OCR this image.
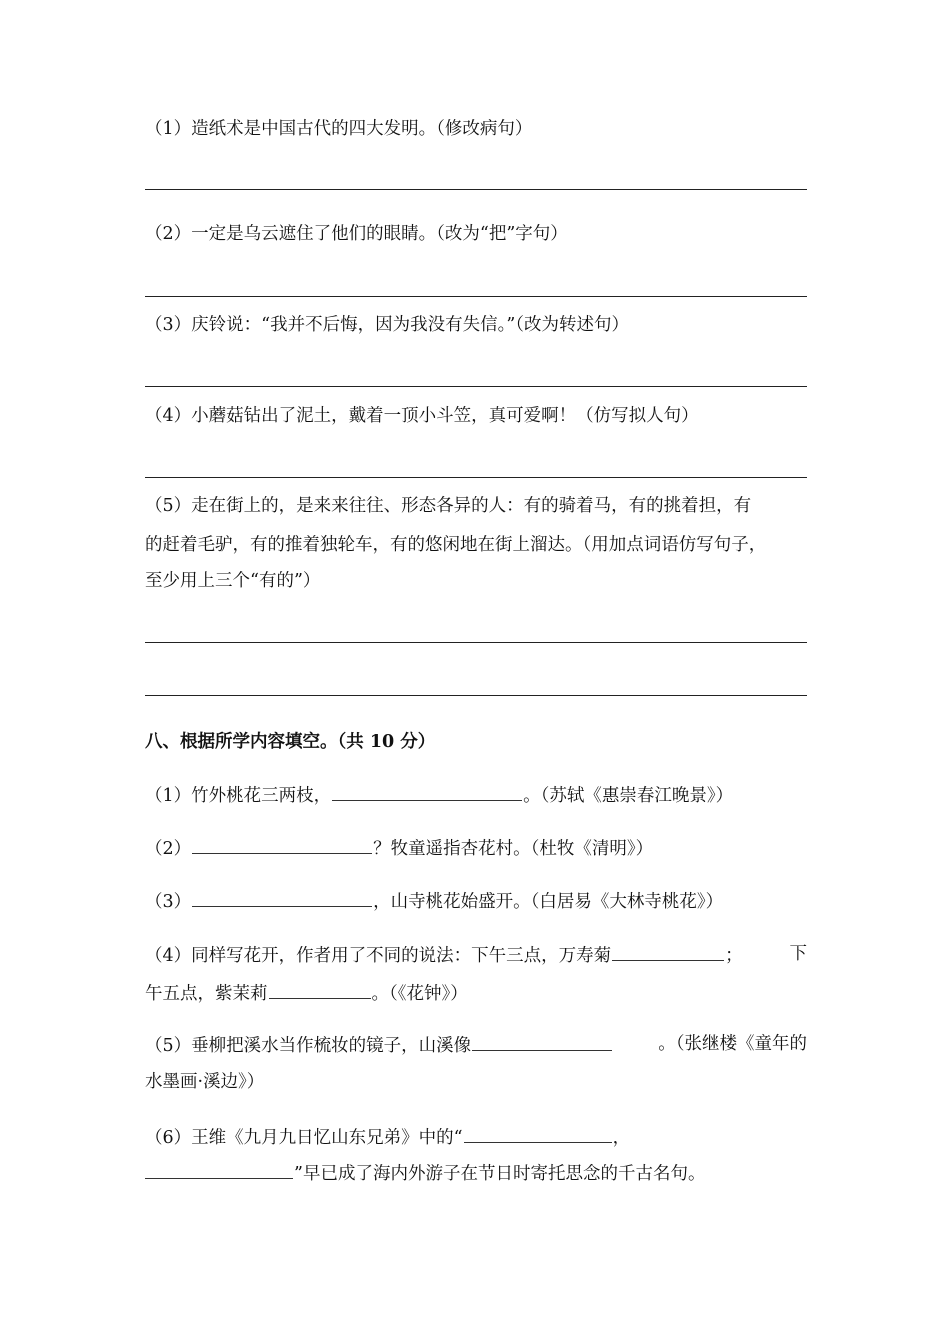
（1）造纸术是中国古代的四大发明。（修改病句）
（2）一定是乌云遮住了他们的眼睛。（改为“把”字句）
（3）庆铃说：“我并不后悔，因为我没有失信。”（改为转述句）
（4）小蘑菇钻出了泥土，戴着一顶小斗笠，真可爱啊！（仿写拟人句）
（5）走在街上的，是来来往往、形态各异的人：有的骑着马，有的挑着担，有
的赶着毛驴，有的推着独轮车，有的悠闲地在街上溜达。（用加点词语仿写句子，
至少用上三个“有的”）
八、根据所学内容填空。（共 10 分）
（1）竹外桃花三两枝，	。（苏轼《惠崇春江晚景》）
（2）	？牧童遥指杏花村。（杜牧《清明》）
（3）	，山寺桃花始盛开。（白居易《大林寺桃花》）
（4）同样写花开，作者用了不同的说法：下午三点，万寿菊	；	下
午五点，紫茉莉	。（《花钟》）
（5）垂柳把溪水当作梳妆的镜子，山溪像	。（张继楼《童年的
水墨画·溪边》）
（6）王维《九月九日忆山东兄弟》中的“	，
”早已成了海内外游子在节日时寄托思念的千古名句。
